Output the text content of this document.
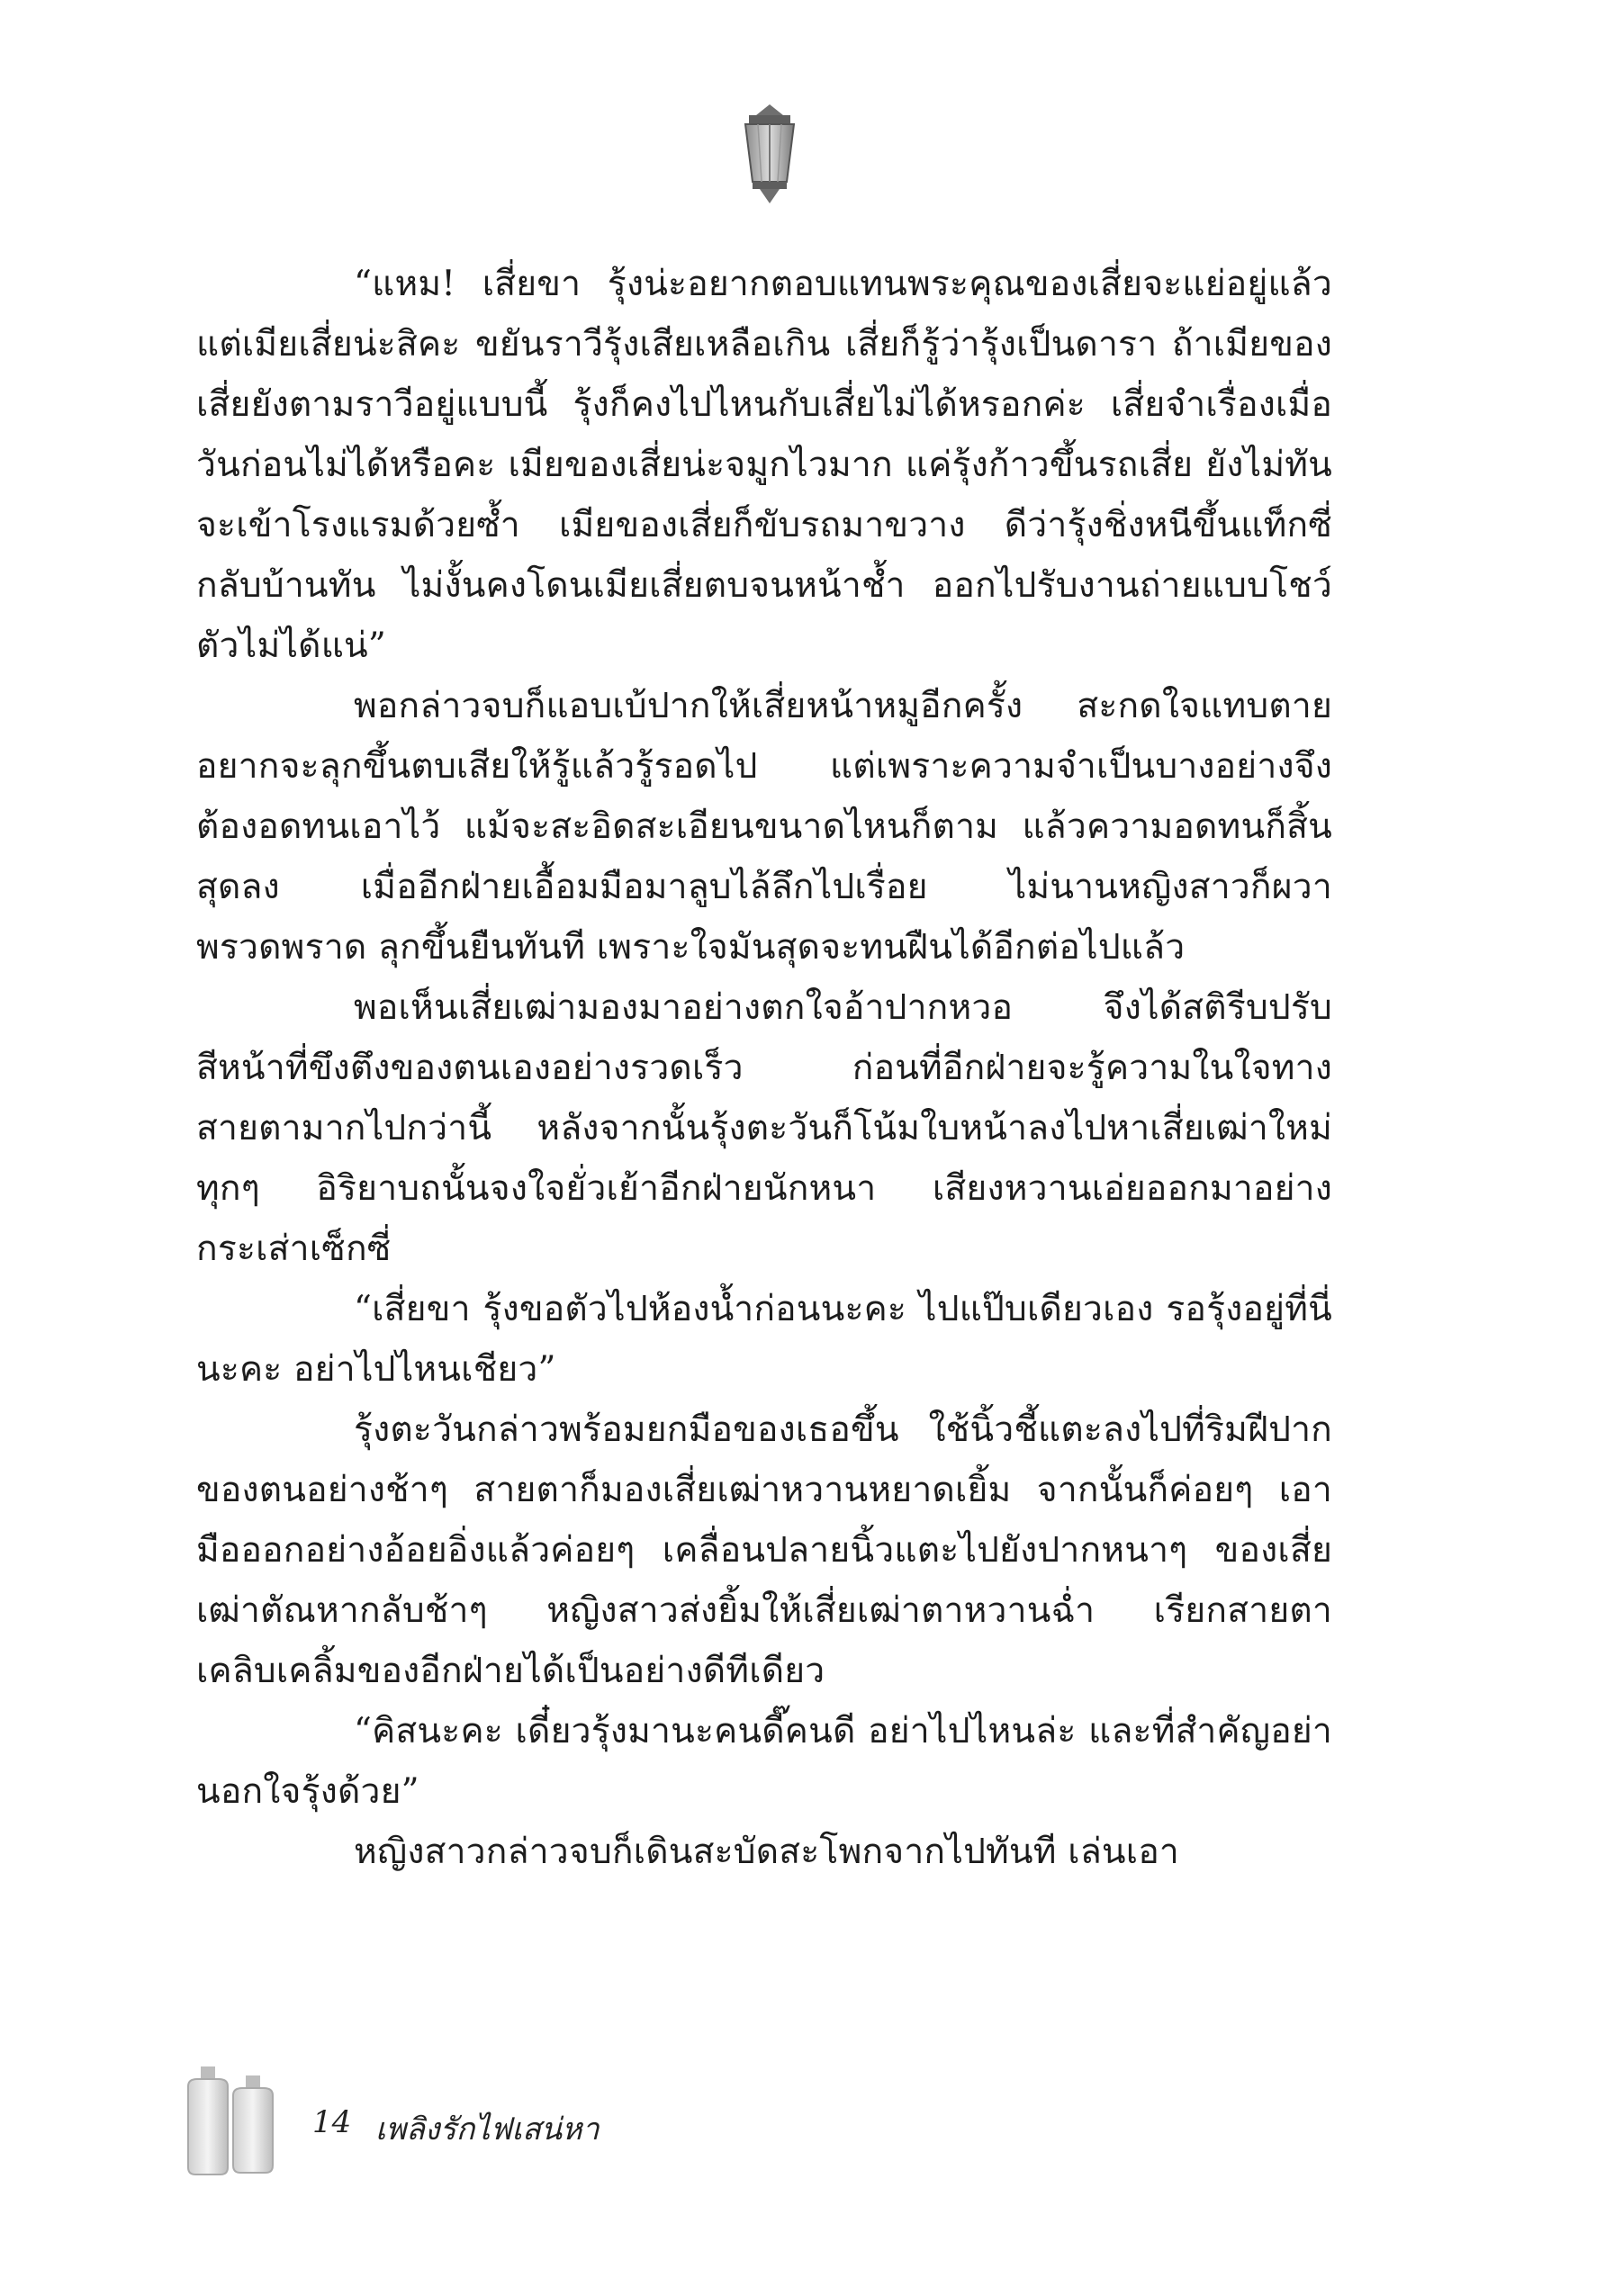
“แหม! เสี่ยขา รุ้งน่ะอยากตอบแทนพระคุณของเสี่ยจะแย่อยู่แล้ว แต่เมียเสี่ยน่ะสิคะ ขยันราวีรุ้งเสียเหลือเกิน เสี่ยก็รู้ว่ารุ้งเป็นดารา ถ้าเมียของเสี่ยยังตามราวีอยู่แบบนี้ รุ้งก็คงไปไหนกับเสี่ยไม่ได้หรอกค่ะ เสี่ยจำเรื่องเมื่อวันก่อนไม่ได้หรือคะ เมียของเสี่ยน่ะจมูกไวมาก แค่รุ้งก้าวขึ้นรถเสี่ย ยังไม่ทันจะเข้าโรงแรมด้วยซ้ำ เมียของเสี่ยก็ขับรถมาขวาง ดีว่ารุ้งชิ่งหนีขึ้นแท็กซี่กลับบ้านทัน ไม่งั้นคงโดนเมียเสี่ยตบจนหน้าช้ำ ออกไปรับงานถ่ายแบบโชว์ตัวไม่ได้แน่”

พอกล่าวจบก็แอบเบ้ปากให้เสี่ยหน้าหมูอีกครั้ง สะกดใจแทบตาย อยากจะลุกขึ้นตบเสียให้รู้แล้วรู้รอดไป แต่เพราะความจำเป็นบางอย่างจึงต้องอดทนเอาไว้ แม้จะสะอิดสะเอียนขนาดไหนก็ตาม แล้วความอดทนก็สิ้นสุดลง เมื่ออีกฝ่ายเอื้อมมือมาลูบไล้ลึกไปเรื่อย ไม่นานหญิงสาวก็ผวาพรวดพราด ลุกขึ้นยืนทันที เพราะใจมันสุดจะทนฝืนได้อีกต่อไปแล้ว

พอเห็นเสี่ยเฒ่ามองมาอย่างตกใจอ้าปากหวอ จึงได้สติรีบปรับสีหน้าที่ขึงตึงของตนเองอย่างรวดเร็ว ก่อนที่อีกฝ่ายจะรู้ความในใจทางสายตามากไปกว่านี้ หลังจากนั้นรุ้งตะวันก็โน้มใบหน้าลงไปหาเสี่ยเฒ่าใหม่ ทุกๆ อิริยาบถนั้นจงใจยั่วเย้าอีกฝ่ายนักหนา เสียงหวานเอ่ยออกมาอย่างกระเส่าเซ็กซี่

“เสี่ยขา รุ้งขอตัวไปห้องน้ำก่อนนะคะ ไปแป๊บเดียวเอง รอรุ้งอยู่ที่นี่นะคะ อย่าไปไหนเชียว”

รุ้งตะวันกล่าวพร้อมยกมือของเธอขึ้น ใช้นิ้วชี้แตะลงไปที่ริมฝีปากของตนอย่างช้าๆ สายตาก็มองเสี่ยเฒ่าหวานหยาดเยิ้ม จากนั้นก็ค่อยๆ เอามือออกอย่างอ้อยอิ่งแล้วค่อยๆ เคลื่อนปลายนิ้วแตะไปยังปากหนาๆ ของเสี่ยเฒ่าตัณหากลับช้าๆ หญิงสาวส่งยิ้มให้เสี่ยเฒ่าตาหวานฉ่ำ เรียกสายตาเคลิบเคลิ้มของอีกฝ่ายได้เป็นอย่างดีทีเดียว

“คิสนะคะ เดี๋ยวรุ้งมานะคนดี๊คนดี อย่าไปไหนล่ะ และที่สำคัญอย่านอกใจรุ้งด้วย”

หญิงสาวกล่าวจบก็เดินสะบัดสะโพกจากไปทันที เล่นเอา

14 เพลิงรักไฟเสน่หา
